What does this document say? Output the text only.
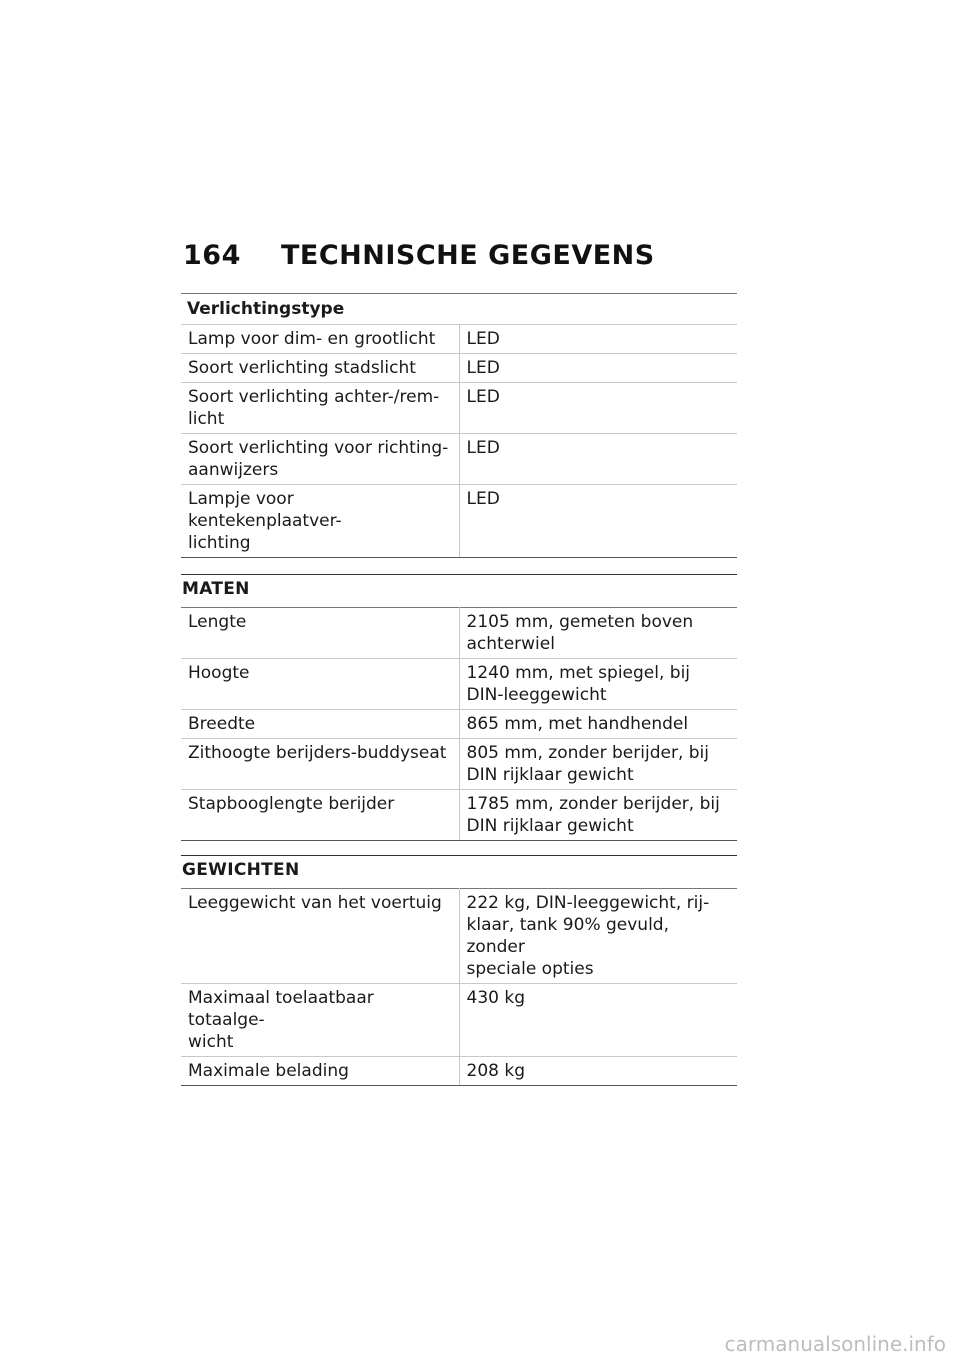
164 TECHNISCHE GEGEVENS
Verlichtingstype	
Lamp voor dim- en grootlicht	LED
Soort verlichting stadslicht	LED
Soort verlichting achter-/rem-
licht	LED
Soort verlichting voor richting-
aanwijzers	LED
Lampje voor kentekenplaatver-
lichting	LED
MATEN
Lengte	2105 mm, gemeten boven
achterwiel
Hoogte	1240 mm, met spiegel, bij
DIN-leeggewicht
Breedte	865 mm, met handhendel
Zithoogte berijders-buddyseat	805 mm, zonder berijder, bij
DIN rijklaar gewicht
Stapbooglengte berijder	1785 mm, zonder berijder, bij
DIN rijklaar gewicht
GEWICHTEN
Leeggewicht van het voertuig	222 kg, DIN-leeggewicht, rij-
klaar, tank 90% gevuld, zonder
speciale opties
Maximaal toelaatbaar totaalge-
wicht	430 kg
Maximale belading	208 kg
carmanualsonline.info
